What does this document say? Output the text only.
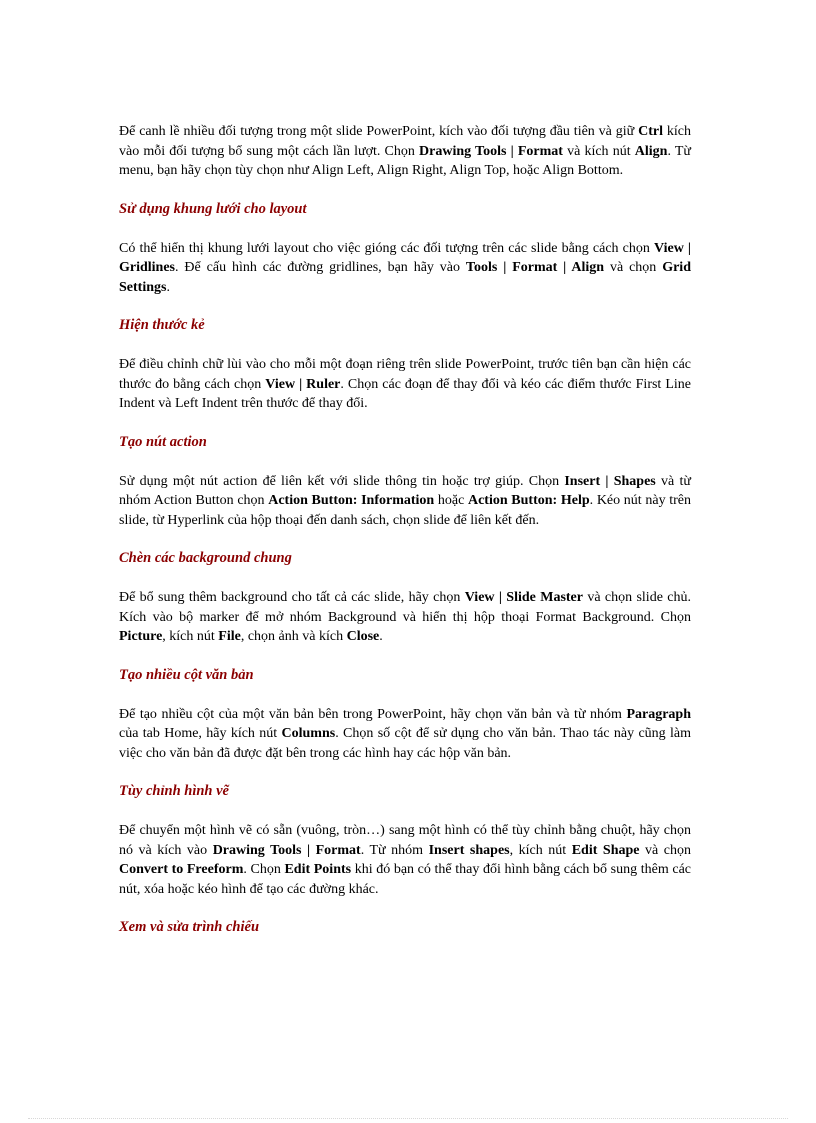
Để canh lề nhiều đối tượng trong một slide PowerPoint, kích vào đối tượng đầu tiên và giữ Ctrl kích vào mỗi đối tượng bổ sung một cách lần lượt. Chọn Drawing Tools | Format và kích nút Align. Từ menu, bạn hãy chọn tùy chọn như Align Left, Align Right, Align Top, hoặc Align Bottom.

Sử dụng khung lưới cho layout

Có thể hiển thị khung lưới layout cho việc gióng các đối tượng trên các slide bằng cách chọn View | Gridlines. Để cấu hình các đường gridlines, bạn hãy vào Tools | Format | Align và chọn Grid Settings.

Hiện thước kẻ

Để điều chỉnh chữ lùi vào cho mỗi một đoạn riêng trên slide PowerPoint, trước tiên bạn cần hiện các thước đo bằng cách chọn View | Ruler. Chọn các đoạn để thay đổi và kéo các điểm thước First Line Indent và Left Indent trên thước để thay đổi.

Tạo nút action

Sử dụng một nút action để liên kết với slide thông tin hoặc trợ giúp. Chọn Insert | Shapes và từ nhóm Action Button chọn Action Button: Information hoặc Action Button: Help. Kéo nút này trên slide, từ Hyperlink của hộp thoại đến danh sách, chọn slide để liên kết đến.

Chèn các background chung

Để bổ sung thêm background cho tất cả các slide, hãy chọn View | Slide Master và chọn slide chủ. Kích vào bộ marker để mở nhóm Background và hiển thị hộp thoại Format Background. Chọn Picture, kích nút File, chọn ảnh và kích Close.

Tạo nhiều cột văn bản

Để tạo nhiều cột của một văn bản bên trong PowerPoint, hãy chọn văn bản và từ nhóm Paragraph của tab Home, hãy kích nút Columns. Chọn số cột để sử dụng cho văn bản. Thao tác này cũng làm việc cho văn bản đã được đặt bên trong các hình hay các hộp văn bản.

Tùy chỉnh hình vẽ

Để chuyển một hình vẽ có sẵn (vuông, tròn…) sang một hình có thể tùy chỉnh bằng chuột, hãy chọn nó và kích vào Drawing Tools | Format. Từ nhóm Insert shapes, kích nút Edit Shape và chọn Convert to Freeform. Chọn Edit Points khi đó bạn có thể thay đổi hình bằng cách bổ sung thêm các nút, xóa hoặc kéo hình để tạo các đường khác.

Xem và sửa trình chiếu
